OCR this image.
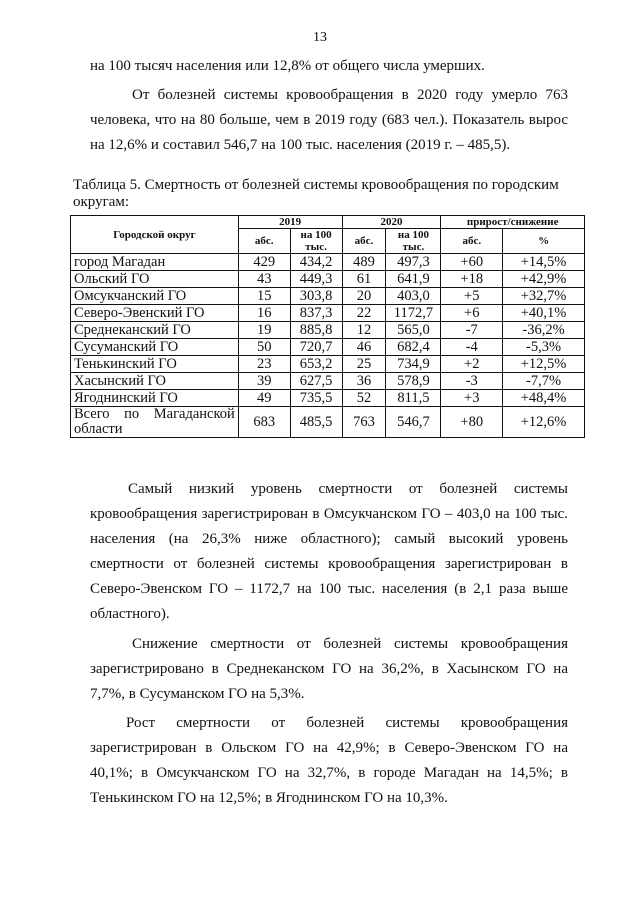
13

на 100 тысяч населения или 12,8% от общего числа умерших.

От болезней системы кровообращения в 2020 году умерло 763 человека, что на 80 больше, чем в 2019 году (683 чел.). Показатель вырос на 12,6% и составил 546,7 на 100 тыс. населения (2019 г. – 485,5).

Таблица 5. Смертность от болезней системы кровообращения по городским округам:
Городской округ	2019		2020		прирост/снижение	
	абс.	на 100 тыс.	абс.	на 100 тыс.	абс.	%
город Магадан	429	434,2	489	497,3	+60	+14,5%
Ольский ГО	43	449,3	61	641,9	+18	+42,9%
Омсукчанский ГО	15	303,8	20	403,0	+5	+32,7%
Северо-Эвенский ГО	16	837,3	22	1172,7	+6	+40,1%
Среднеканский ГО	19	885,8	12	565,0	-7	-36,2%
Сусуманский ГО	50	720,7	46	682,4	-4	-5,3%
Тенькинский ГО	23	653,2	25	734,9	+2	+12,5%
Хасынский ГО	39	627,5	36	578,9	-3	-7,7%
Ягоднинский ГО	49	735,5	52	811,5	+3	+48,4%
Всего по Магаданской области	683	485,5	763	546,7	+80	+12,6%

Самый низкий уровень смертности от болезней системы кровообращения зарегистрирован в Омсукчанском ГО – 403,0 на 100 тыс. населения (на 26,3% ниже областного); самый высокий уровень смертности от болезней системы кровообращения зарегистрирован в Северо-Эвенском ГО – 1172,7 на 100 тыс. населения (в 2,1 раза выше областного).

Снижение смертности от болезней системы кровообращения зарегистрировано в Среднеканском ГО на 36,2%, в Хасынском ГО на 7,7%, в Сусуманском ГО на 5,3%.

Рост смертности от болезней системы кровообращения зарегистрирован в Ольском ГО на 42,9%; в Северо-Эвенском ГО на 40,1%; в Омсукчанском ГО на 32,7%, в городе Магадан на 14,5%; в Тенькинском ГО на 12,5%; в Ягоднинском ГО на 10,3%.
